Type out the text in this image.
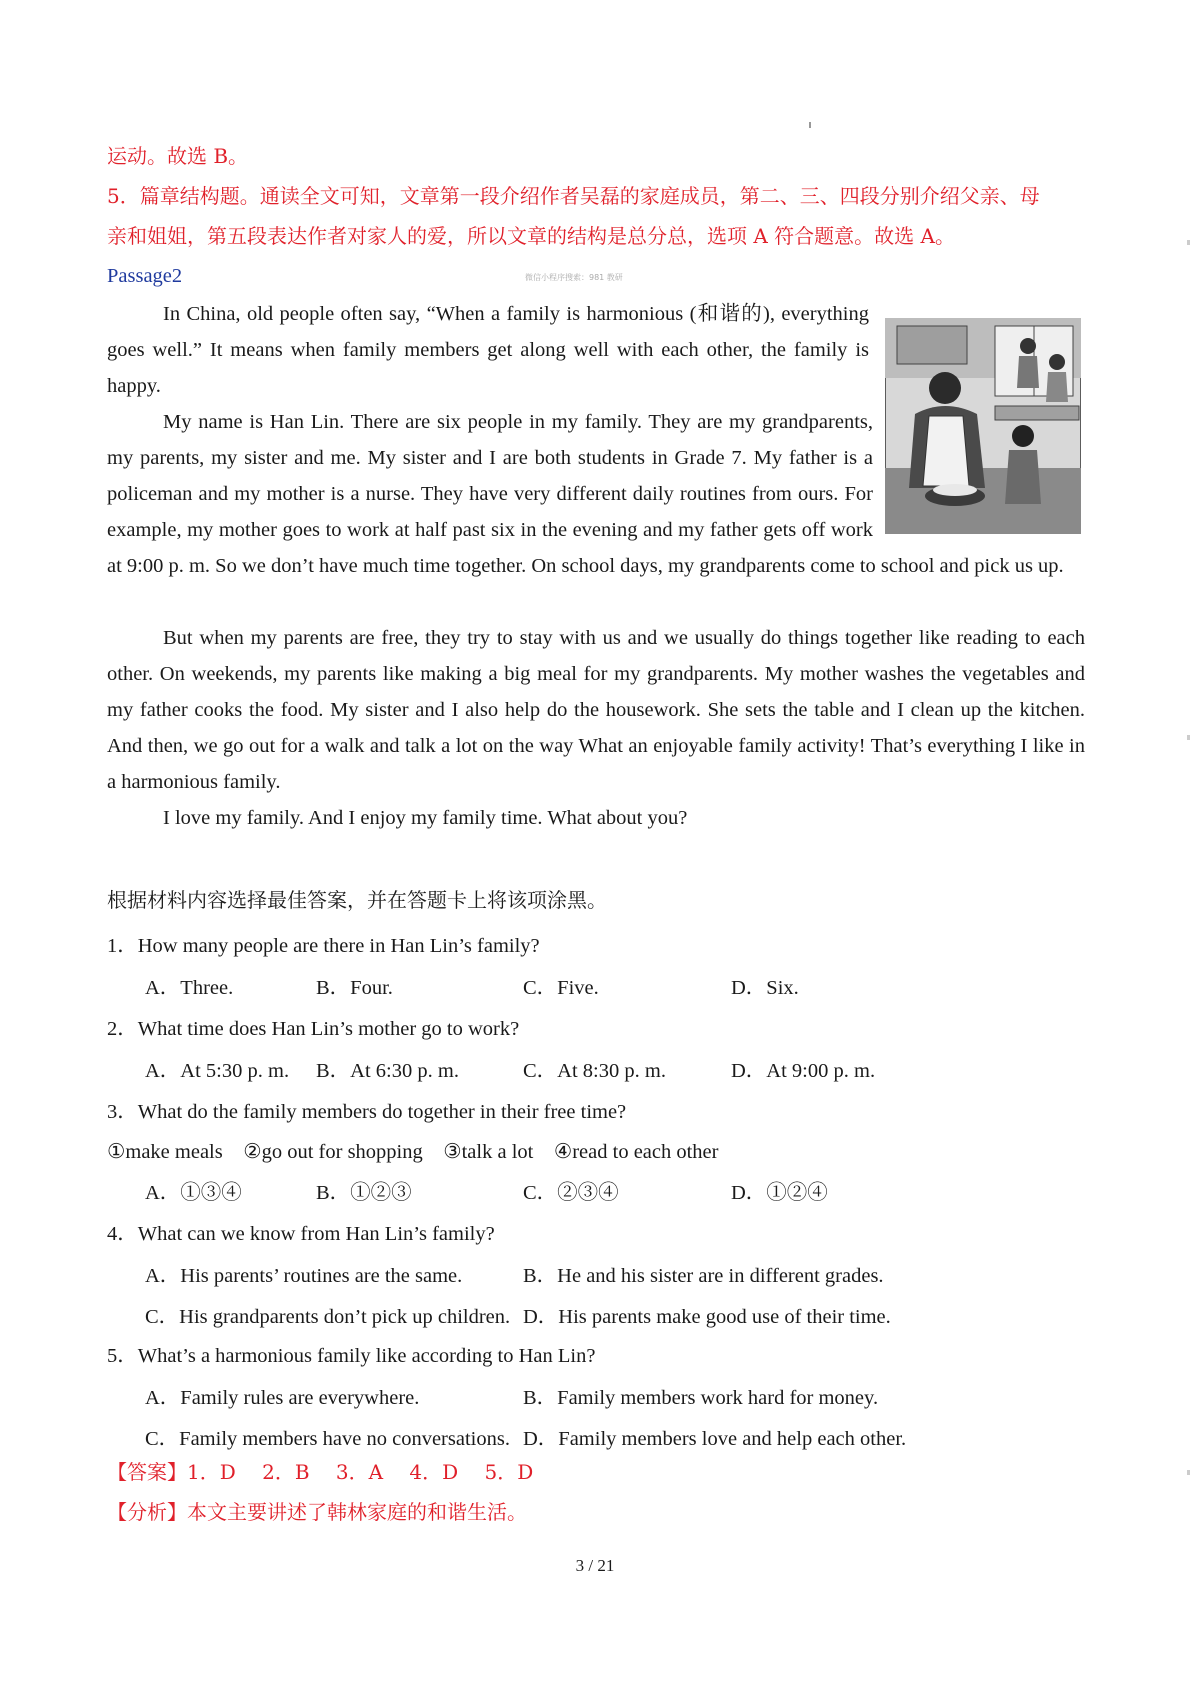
运动。故选 B。
5．篇章结构题。通读全文可知，文章第一段介绍作者吴磊的家庭成员，第二、三、四段分别介绍父亲、母
亲和姐姐，第五段表达作者对家人的爱，所以文章的结构是总分总，选项 A 符合题意。故选 A。
Passage2	微信小程序搜索：981 教研

In China, old people often say, “When a family is harmonious (和谐的), everything goes well.” It means when family members get along well with each other, the family is happy.

My name is Han Lin. There are six people in my family. They are my grandparents, my parents, my sister and me. My sister and I are both students in Grade 7. My father is a policeman and my mother is a nurse. They have very different daily routines from ours. For example, my mother goes to work at half past six in the evening and my father gets off work at 9:00 p. m. So we don’t have much time together. On school days, my grandparents come to school and pick us up.

But when my parents are free, they try to stay with us and we usually do things together like reading to each other. On weekends, my parents like making a big meal for my grandparents. My mother washes the vegetables and my father cooks the food. My sister and I also help do the housework. She sets the table and I clean up the kitchen. And then, we go out for a walk and talk a lot on the way What an enjoyable family activity! That’s everything I like in a harmonious family.

I love my family. And I enjoy my family time. What about you?

根据材料内容选择最佳答案，并在答题卡上将该项涂黑。
1．How many people are there in Han Lin’s family?
A．Three.	B．Four.	C．Five.	D．Six.
2．What time does Han Lin’s mother go to work?
A．At 5:30 p. m. B．At 6:30 p. m.	C．At 8:30 p. m.	D．At 9:00 p. m.
3．What do the family members do together in their free time?
①make meals　②go out for shopping　③talk a lot　④read to each other
A．①③④	B．①②③	C．②③④	D．①②④
4．What can we know from Han Lin’s family?
A．His parents’ routines are the same.	B．He and his sister are in different grades.
C．His grandparents don’t pick up children. D．His parents make good use of their time.
5．What’s a harmonious family like according to Han Lin?
A．Family rules are everywhere.	B．Family members work hard for money.
C．Family members have no conversations. D．Family members love and help each other.
【答案】1．D　 2．B　 3．A　 4．D　 5．D
【分析】本文主要讲述了韩林家庭的和谐生活。
3 / 21
